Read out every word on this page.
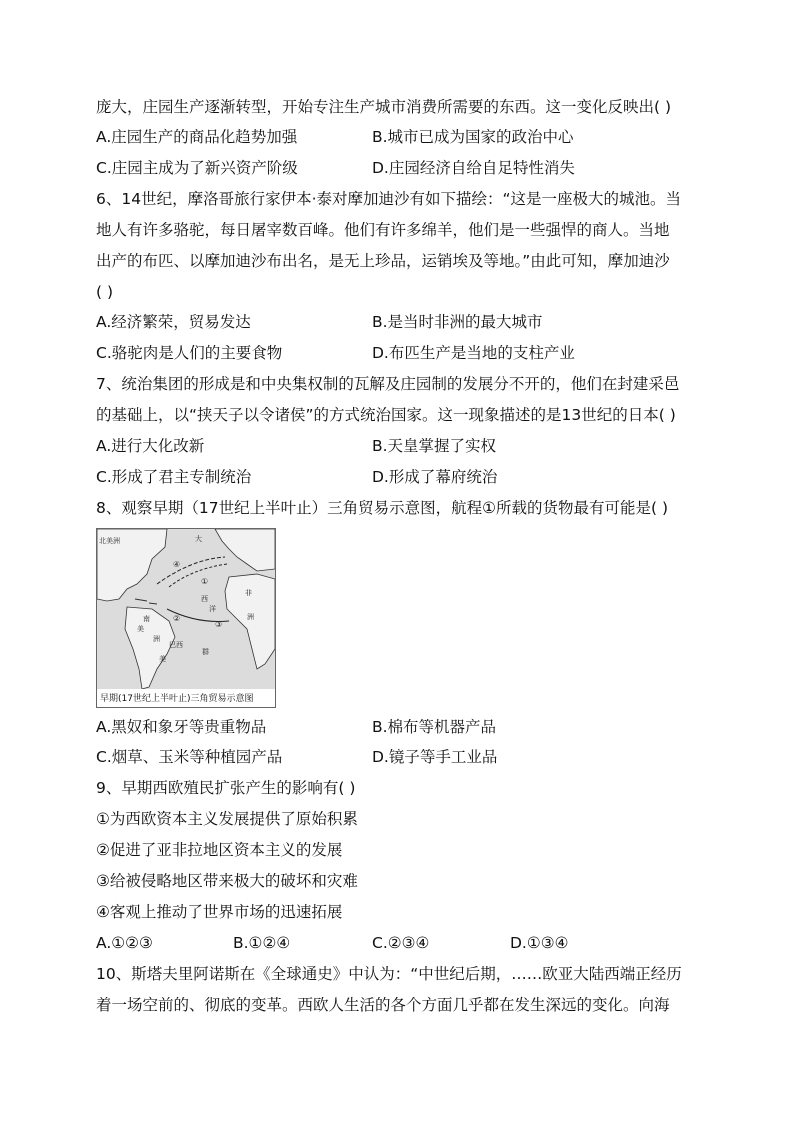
庞大，庄园生产逐渐转型，开始专注生产城市消费所需要的东西。这一变化反映出( )
A.庄园生产的商品化趋势加强	B.城市已成为国家的政治中心
C.庄园主成为了新兴资产阶级	D.庄园经济自给自足特性消失
6、14世纪，摩洛哥旅行家伊本·泰对摩加迪沙有如下描绘：“这是一座极大的城池。当
地人有许多骆驼，每日屠宰数百峰。他们有许多绵羊，他们是一些强悍的商人。当地
出产的布匹、以摩加迪沙布出名，是无上珍品，运销埃及等地。”由此可知，摩加迪沙
( )
A.经济繁荣，贸易发达	B.是当时非洲的最大城市
C.骆驼肉是人们的主要食物	D.布匹生产是当地的支柱产业
7、统治集团的形成是和中央集权制的瓦解及庄园制的发展分不开的，他们在封建采邑
的基础上，以“挟天子以令诸侯”的方式统治国家。这一现象描述的是13世纪的日本( )
A.进行大化改新	B.天皇掌握了实权
C.形成了君主专制统治	D.形成了幕府统治
8、观察早期（17世纪上半叶止）三角贸易示意图，航程①所载的货物最有可能是( )
北美洲	大
西
洋
南
美
洲
非
洲
巴西
群
美
④
①
②
③
早期(17世纪上半叶止)三角贸易示意图
A.黑奴和象牙等贵重物品	B.棉布等机器产品
C.烟草、玉米等种植园产品	D.镜子等手工业品
9、早期西欧殖民扩张产生的影响有( )
①为西欧资本主义发展提供了原始积累
②促进了亚非拉地区资本主义的发展
③给被侵略地区带来极大的破坏和灾难
④客观上推动了世界市场的迅速拓展
A.①②③	B.①②④	C.②③④	D.①③④
10、斯塔夫里阿诺斯在《全球通史》中认为：“中世纪后期，……欧亚大陆西端正经历
着一场空前的、彻底的变革。西欧人生活的各个方面几乎都在发生深远的变化。向海
